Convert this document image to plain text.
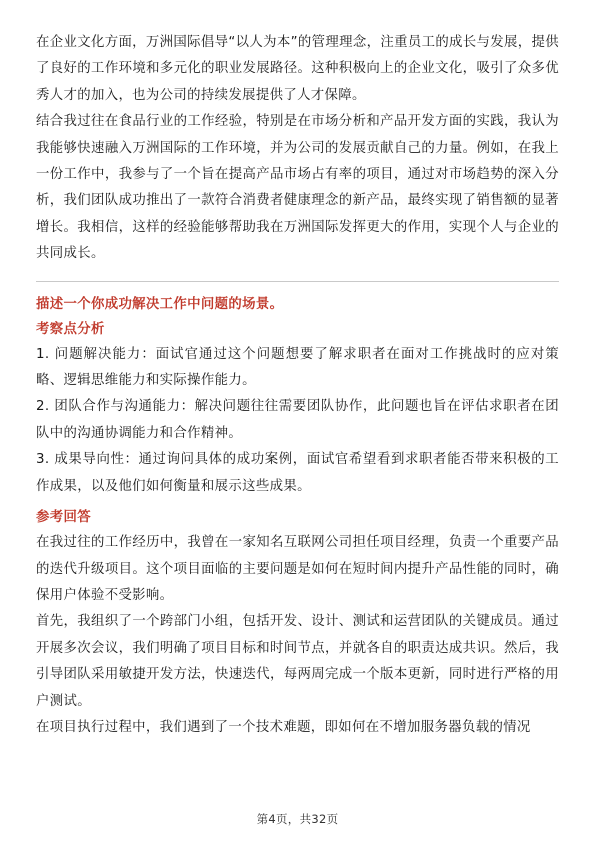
在企业文化方面，万洲国际倡导“以人为本”的管理理念，注重员工的成长与发展，提供了良好的工作环境和多元化的职业发展路径。这种积极向上的企业文化，吸引了众多优秀人才的加入，也为公司的持续发展提供了人才保障。

结合我过往在食品行业的工作经验，特别是在市场分析和产品开发方面的实践，我认为我能够快速融入万洲国际的工作环境，并为公司的发展贡献自己的力量。例如，在我上一份工作中，我参与了一个旨在提高产品市场占有率的项目，通过对市场趋势的深入分析，我们团队成功推出了一款符合消费者健康理念的新产品，最终实现了销售额的显著增长。我相信，这样的经验能够帮助我在万洲国际发挥更大的作用，实现个人与企业的共同成长。

描述一个你成功解决工作中问题的场景。

考察点分析

1. 问题解决能力：面试官通过这个问题想要了解求职者在面对工作挑战时的应对策略、逻辑思维能力和实际操作能力。

2. 团队合作与沟通能力：解决问题往往需要团队协作，此问题也旨在评估求职者在团队中的沟通协调能力和合作精神。

3. 成果导向性：通过询问具体的成功案例，面试官希望看到求职者能否带来积极的工作成果，以及他们如何衡量和展示这些成果。

参考回答

在我过往的工作经历中，我曾在一家知名互联网公司担任项目经理，负责一个重要产品的迭代升级项目。这个项目面临的主要问题是如何在短时间内提升产品性能的同时，确保用户体验不受影响。

首先，我组织了一个跨部门小组，包括开发、设计、测试和运营团队的关键成员。通过开展多次会议，我们明确了项目目标和时间节点，并就各自的职责达成共识。然后，我引导团队采用敏捷开发方法，快速迭代，每两周完成一个版本更新，同时进行严格的用户测试。

在项目执行过程中，我们遇到了一个技术难题，即如何在不增加服务器负载的情况

第4页，共32页
